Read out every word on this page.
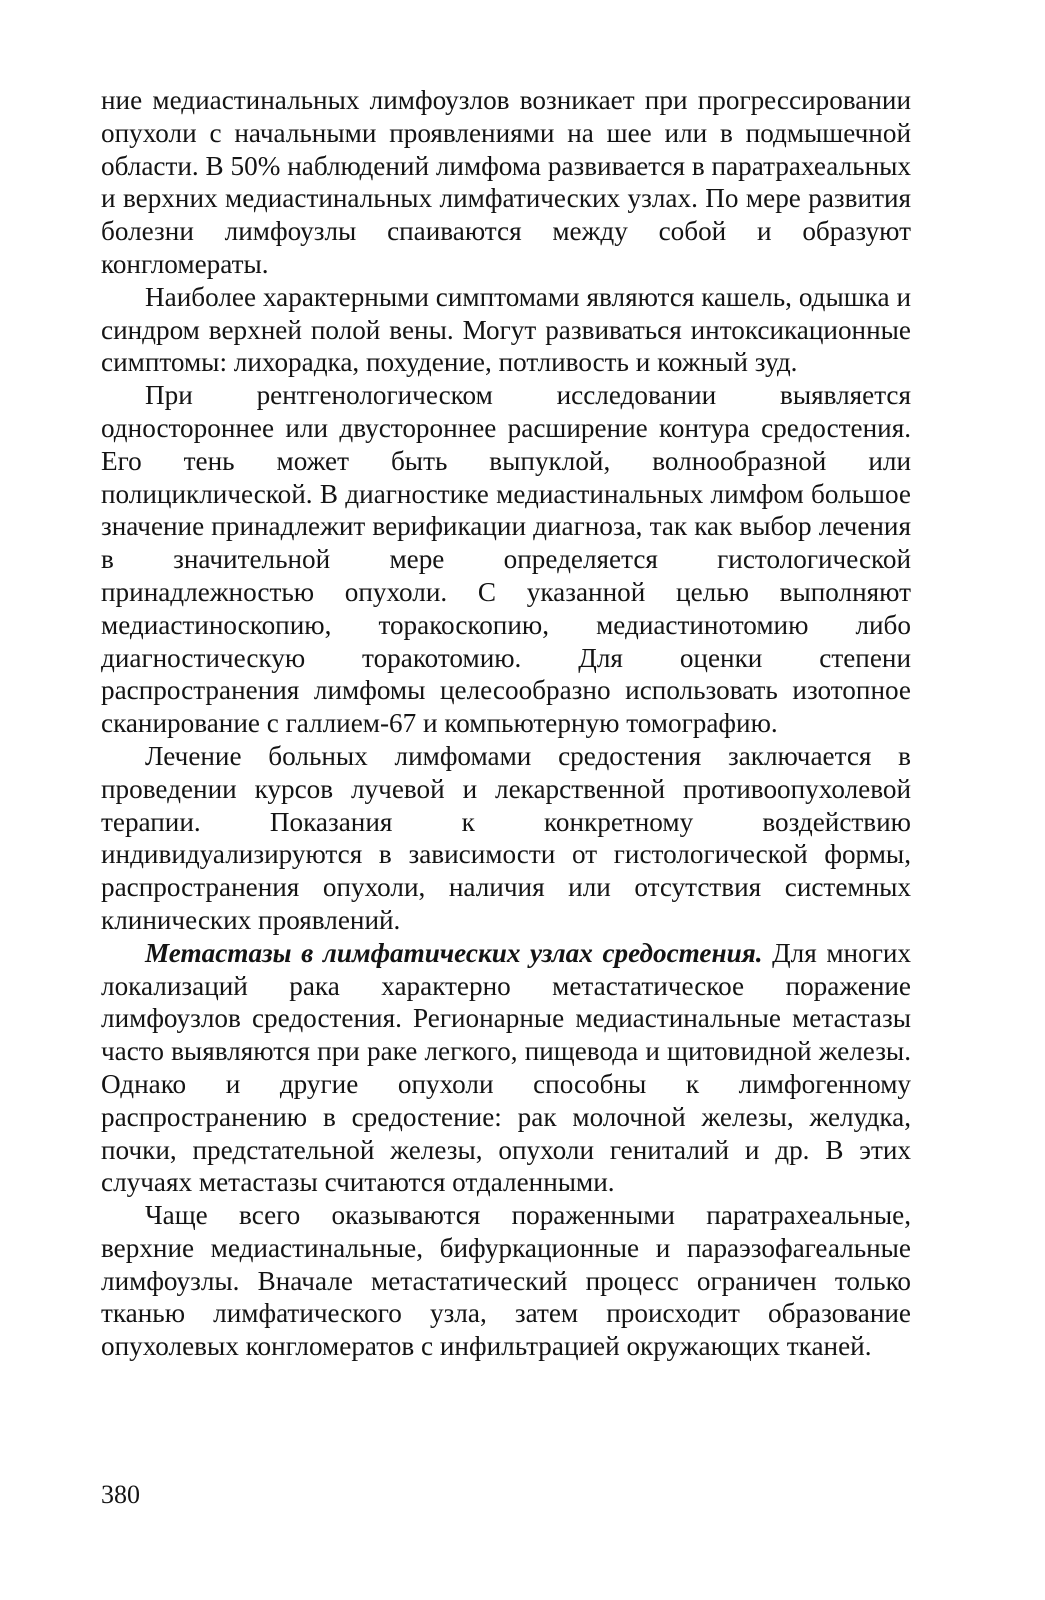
ние медиастинальных лимфоузлов возникает при прогрессировании опухоли с начальными проявлениями на шее или в подмышечной области. В 50% наблюдений лимфома развивается в паратрахеальных и верхних медиастинальных лимфатических узлах. По мере развития болезни лимфоузлы спаиваются между собой и образуют конгломераты.

Наиболее характерными симптомами являются кашель, одышка и синдром верхней полой вены. Могут развиваться интоксикационные симптомы: лихорадка, похудение, потливость и кожный зуд.

При рентгенологическом исследовании выявляется одностороннее или двустороннее расширение контура средостения. Его тень может быть выпуклой, волнообразной или полициклической. В диагностике медиастинальных лимфом большое значение принадлежит верификации диагноза, так как выбор лечения в значительной мере определяется гистологической принадлежностью опухоли. С указанной целью выполняют медиастиноскопию, торакоскопию, медиастинотомию либо диагностическую торакотомию. Для оценки степени распространения лимфомы целесообразно использовать изотопное сканирование с галлием-67 и компьютерную томографию.

Лечение больных лимфомами средостения заключается в проведении курсов лучевой и лекарственной противоопухолевой терапии. Показания к конкретному воздействию индивидуализируются в зависимости от гистологической формы, распространения опухоли, наличия или отсутствия системных клинических проявлений.

Метастазы в лимфатических узлах средостения. Для многих локализаций рака характерно метастатическое поражение лимфоузлов средостения. Регионарные медиастинальные метастазы часто выявляются при раке легкого, пищевода и щитовидной железы. Однако и другие опухоли способны к лимфогенному распространению в средостение: рак молочной железы, желудка, почки, предстательной железы, опухоли гениталий и др. В этих случаях метастазы считаются отдаленными.

Чаще всего оказываются пораженными паратрахеальные, верхние медиастинальные, бифуркационные и параэзофагеальные лимфоузлы. Вначале метастатический процесс ограничен только тканью лимфатического узла, затем происходит образование опухолевых конгломератов с инфильтрацией окружающих тканей.

380
